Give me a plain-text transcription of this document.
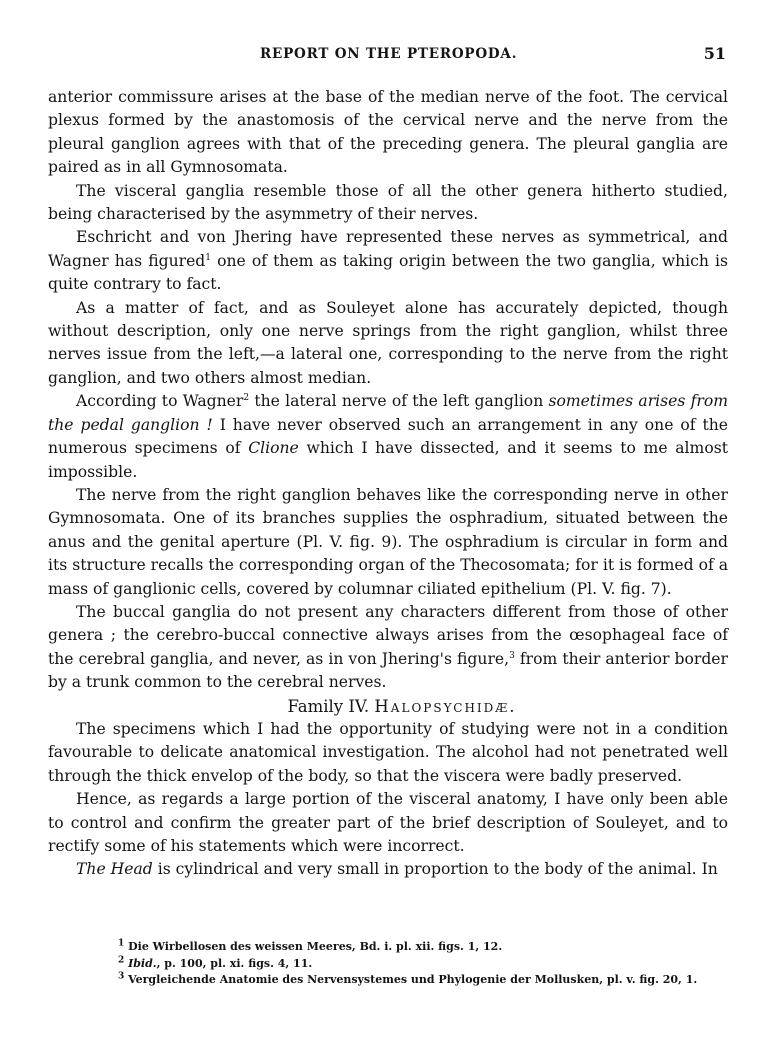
REPORT ON THE PTEROPODA.	51

anterior commissure arises at the base of the median nerve of the foot. The cervical plexus formed by the anastomosis of the cervical nerve and the nerve from the pleural ganglion agrees with that of the preceding genera. The pleural ganglia are paired as in all Gymnosomata.

The visceral ganglia resemble those of all the other genera hitherto studied, being characterised by the asymmetry of their nerves.

Eschricht and von Jhering have represented these nerves as symmetrical, and Wagner has figured$^1$ one of them as taking origin between the two ganglia, which is quite contrary to fact.

As a matter of fact, and as Souleyet alone has accurately depicted, though without description, only one nerve springs from the right ganglion, whilst three nerves issue from the left,—a lateral one, corresponding to the nerve from the right ganglion, and two others almost median.

According to Wagner$^2$ the lateral nerve of the left ganglion sometimes arises from the pedal ganglion ! I have never observed such an arrangement in any one of the numerous specimens of Clione which I have dissected, and it seems to me almost impossible.

The nerve from the right ganglion behaves like the corresponding nerve in other Gymnosomata. One of its branches supplies the osphradium, situated between the anus and the genital aperture (Pl. V. fig. 9). The osphradium is circular in form and its structure recalls the corresponding organ of the Thecosomata; for it is formed of a mass of ganglionic cells, covered by columnar ciliated epithelium (Pl. V. fig. 7).

The buccal ganglia do not present any characters different from those of other genera ; the cerebro-buccal connective always arises from the œsophageal face of the cerebral ganglia, and never, as in von Jhering's figure,$^3$ from their anterior border by a trunk common to the cerebral nerves.

Family IV. Halopsychidæ.

The specimens which I had the opportunity of studying were not in a condition favourable to delicate anatomical investigation. The alcohol had not penetrated well through the thick envelop of the body, so that the viscera were badly preserved.

Hence, as regards a large portion of the visceral anatomy, I have only been able to control and confirm the greater part of the brief description of Souleyet, and to rectify some of his statements which were incorrect.

The Head is cylindrical and very small in proportion to the body of the animal. In

$^1$ Die Wirbellosen des weissen Meeres, Bd. i. pl. xii. figs. 1, 12.

$^2$ Ibid., p. 100, pl. xi. figs. 4, 11.

$^3$ Vergleichende Anatomie des Nervensystemes und Phylogenie der Mollusken, pl. v. fig. 20, 1.
